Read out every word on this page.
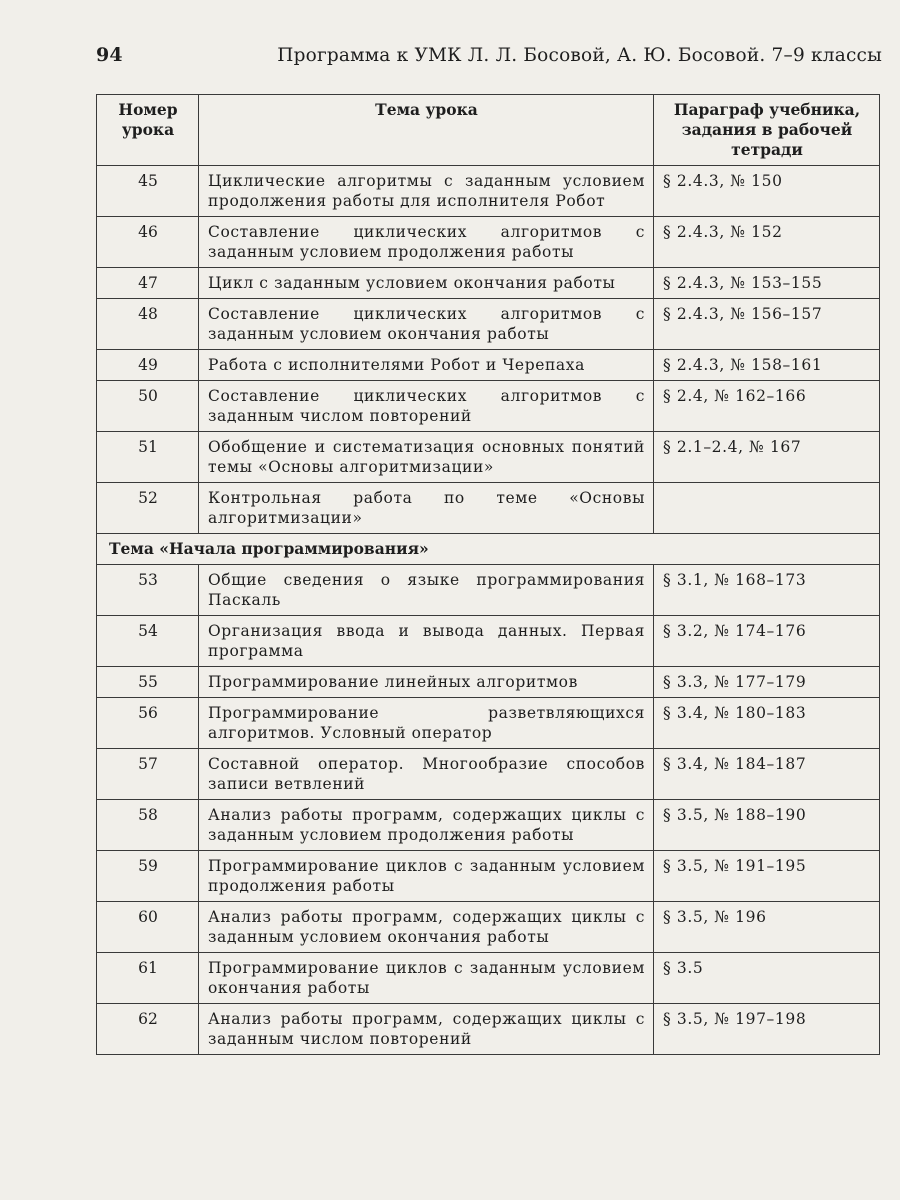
94	Программа к УМК Л. Л. Босовой, А. Ю. Босовой. 7–9 классы
Номер урока	Тема урока	Параграф учебника, задания в рабочей тетради
45	Циклические алгоритмы с заданным условием продолжения работы для исполнителя Робот	§ 2.4.3, № 150
46	Составление циклических алгоритмов с заданным условием продолжения работы	§ 2.4.3, № 152
47	Цикл с заданным условием окончания работы	§ 2.4.3, № 153–155
48	Составление циклических алгоритмов с заданным условием окончания работы	§ 2.4.3, № 156–157
49	Работа с исполнителями Робот и Черепаха	§ 2.4.3, № 158–161
50	Составление циклических алгоритмов с заданным числом повторений	§ 2.4, № 162–166
51	Обобщение и систематизация основных понятий темы «Основы алгоритмизации»	§ 2.1–2.4, № 167
52	Контрольная работа по теме «Основы алгоритмизации»	
Тема «Начала программирования»		
53	Общие сведения о языке программирования Паскаль	§ 3.1, № 168–173
54	Организация ввода и вывода данных. Первая программа	§ 3.2, № 174–176
55	Программирование линейных алгоритмов	§ 3.3, № 177–179
56	Программирование разветвляющихся алгоритмов. Условный оператор	§ 3.4, № 180–183
57	Составной оператор. Многообразие способов записи ветвлений	§ 3.4, № 184–187
58	Анализ работы программ, содержащих циклы с заданным условием продолжения работы	§ 3.5, № 188–190
59	Программирование циклов с заданным условием продолжения работы	§ 3.5, № 191–195
60	Анализ работы программ, содержащих циклы с заданным условием окончания работы	§ 3.5, № 196
61	Программирование циклов с заданным условием окончания работы	§ 3.5
62	Анализ работы программ, содержащих циклы с заданным числом повторений	§ 3.5, № 197–198
